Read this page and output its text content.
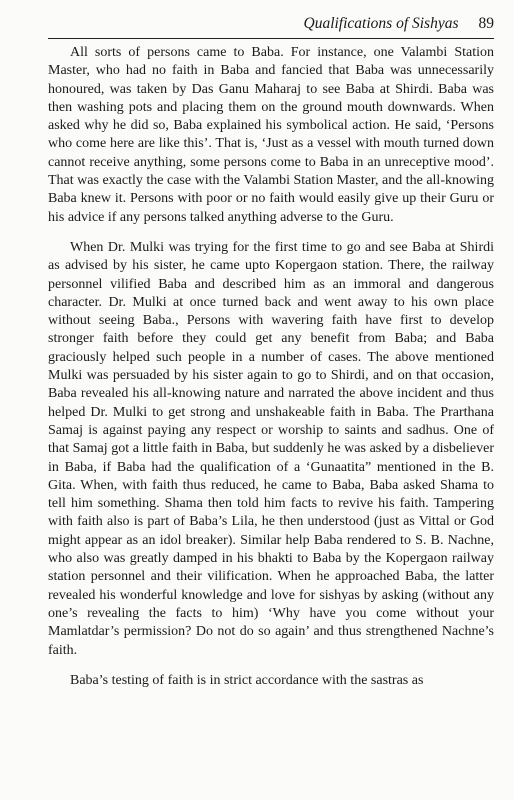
Qualifications of Sishyas 89

All sorts of persons came to Baba. For instance, one Valambi Station Master, who had no faith in Baba and fancied that Baba was unnecessarily honoured, was taken by Das Ganu Maharaj to see Baba at Shirdi. Baba was then washing pots and placing them on the ground mouth downwards. When asked why he did so, Baba explained his symbolical action. He said, ‘Persons who come here are like this’. That is, ‘Just as a vessel with mouth turned down cannot receive anything, some persons come to Baba in an unreceptive mood’. That was exactly the case with the Valambi Station Master, and the all-knowing Baba knew it. Persons with poor or no faith would easily give up their Guru or his advice if any persons talked anything adverse to the Guru.

When Dr. Mulki was trying for the first time to go and see Baba at Shirdi as advised by his sister, he came upto Kopergaon station. There, the railway personnel vilified Baba and described him as an immoral and dangerous character. Dr. Mulki at once turned back and went away to his own place without seeing Baba., Persons with wavering faith have first to develop stronger faith before they could get any benefit from Baba; and Baba graciously helped such people in a number of cases. The above mentioned Mulki was persuaded by his sister again to go to Shirdi, and on that occasion, Baba revealed his all-knowing nature and narrated the above incident and thus helped Dr. Mulki to get strong and unshakeable faith in Baba. The Prarthana Samaj is against paying any respect or worship to saints and sadhus. One of that Samaj got a little faith in Baba, but suddenly he was asked by a disbeliever in Baba, if Baba had the qualification of a ‘Gunaatita” mentioned in the B. Gita. When, with faith thus reduced, he came to Baba, Baba asked Shama to tell him something. Shama then told him facts to revive his faith. Tampering with faith also is part of Baba’s Lila, he then understood (just as Vittal or God might appear as an idol breaker). Similar help Baba rendered to S. B. Nachne, who also was greatly damped in his bhakti to Baba by the Kopergaon railway station personnel and their vilification. When he approached Baba, the latter revealed his wonderful knowledge and love for sishyas by asking (without any one’s revealing the facts to him) ‘Why have you come without your Mamlatdar’s permission? Do not do so again’ and thus strengthened Nachne’s faith.

Baba’s testing of faith is in strict accordance with the sastras as
